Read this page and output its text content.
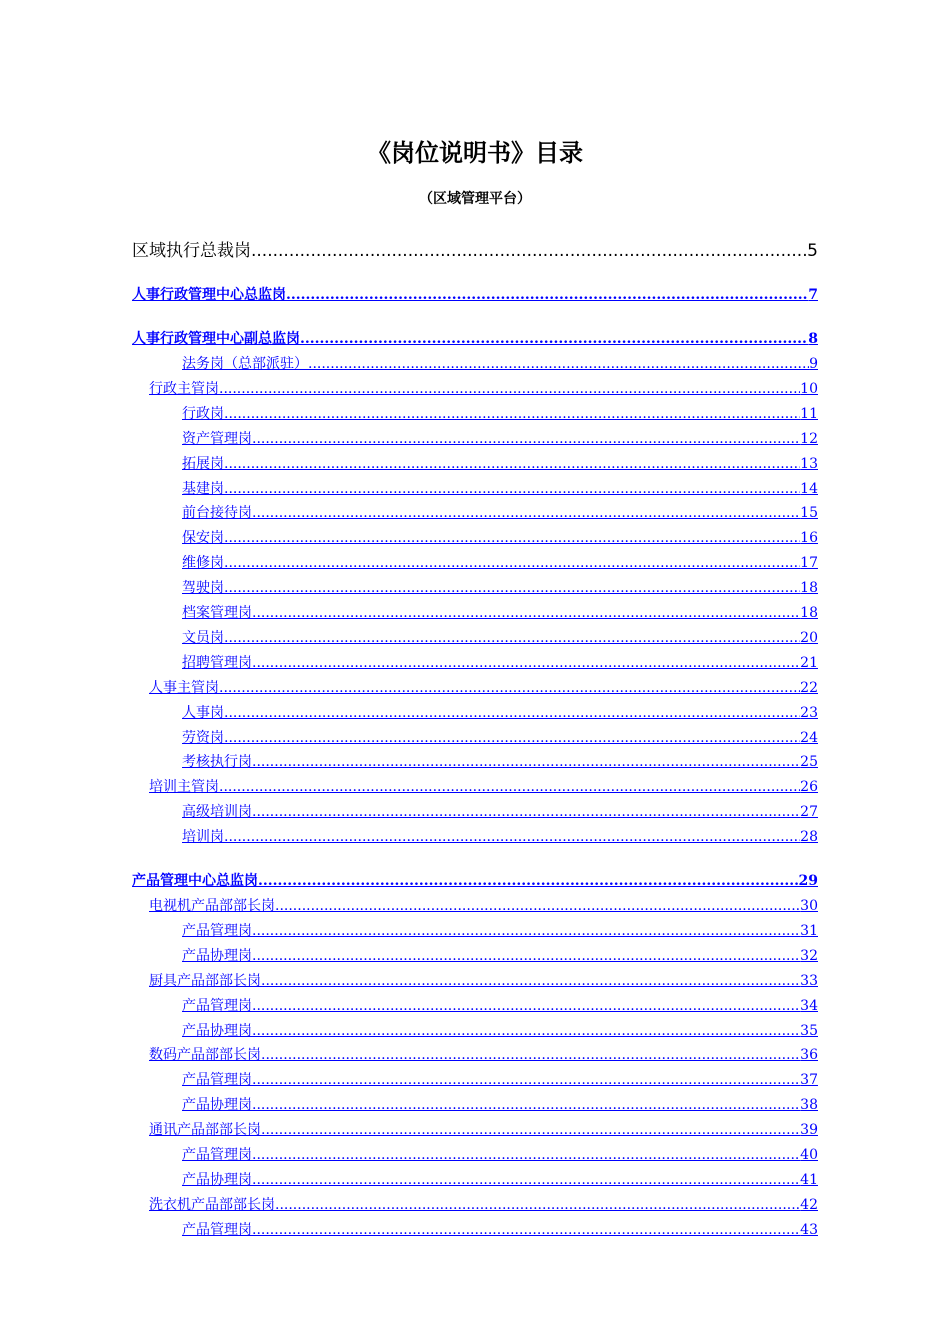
《岗位说明书》目录
（区域管理平台）
区域执行总裁岗 .....	5
人事行政管理中心总监岗 .....	7
人事行政管理中心副总监岗 .....	8
法务岗（总部派驻） .....	9
行政主管岗 .....	10
行政岗 .....	11
资产管理岗 .....	12
拓展岗 .....	13
基建岗 .....	14
前台接待岗 .....	15
保安岗 .....	16
维修岗 .....	17
驾驶岗 .....	18
档案管理岗 .....	18
文员岗 .....	20
招聘管理岗 .....	21
人事主管岗 .....	22
人事岗 .....	23
劳资岗 .....	24
考核执行岗 .....	25
培训主管岗 .....	26
高级培训岗 .....	27
培训岗 .....	28
产品管理中心总监岗 .....	29
电视机产品部部长岗 .....	30
产品管理岗 .....	31
产品协理岗 .....	32
厨具产品部部长岗 .....	33
产品管理岗 .....	34
产品协理岗 .....	35
数码产品部部长岗 .....	36
产品管理岗 .....	37
产品协理岗 .....	38
通讯产品部部长岗 .....	39
产品管理岗 .....	40
产品协理岗 .....	41
洗衣机产品部部长岗 .....	42
产品管理岗 .....	43
